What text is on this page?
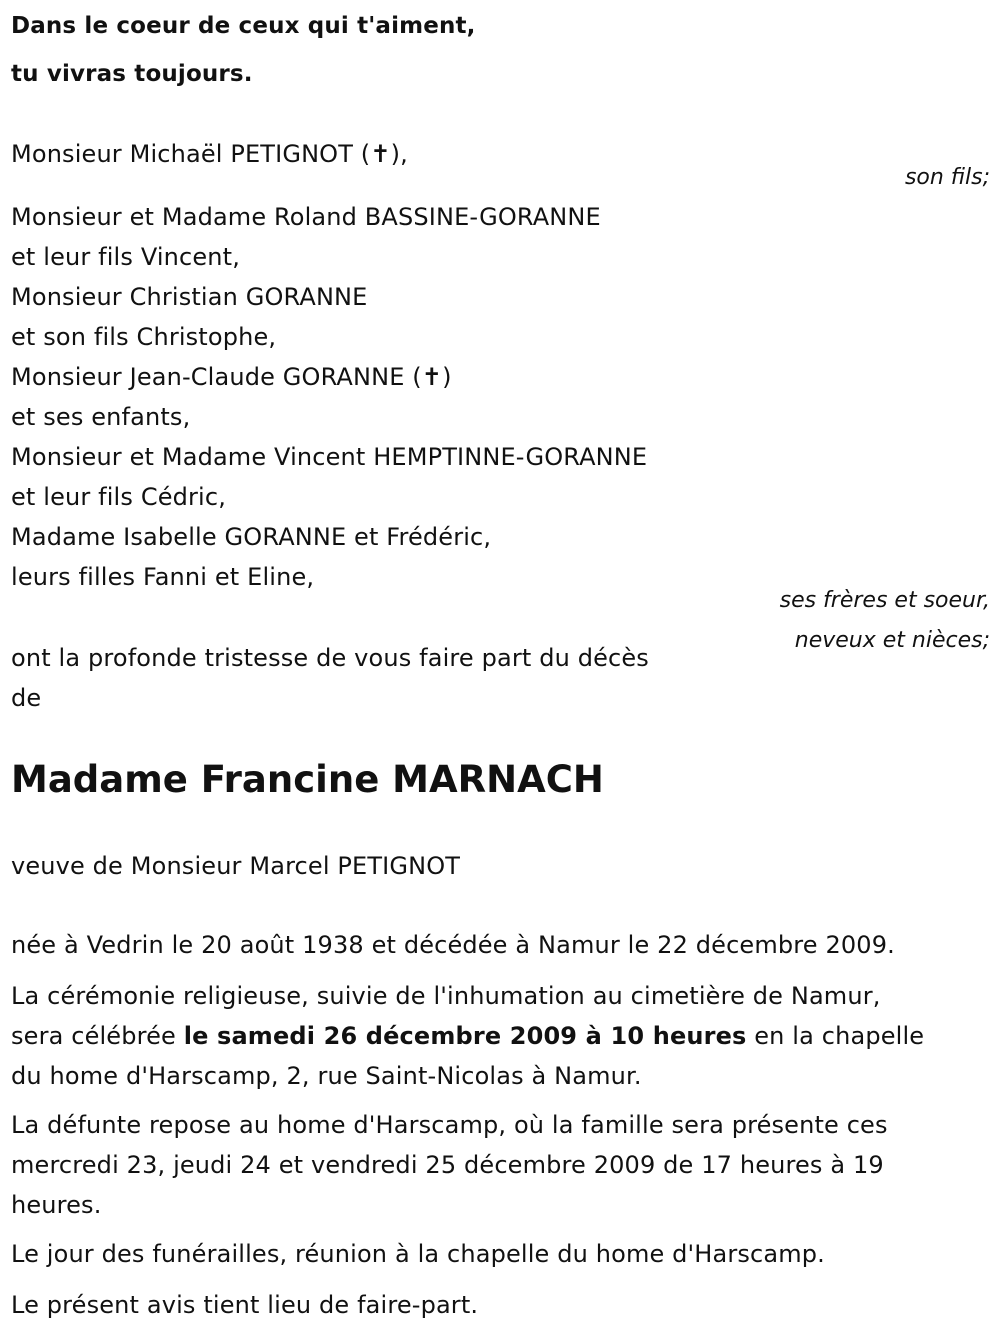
Dans le coeur de ceux qui t'aiment,
tu vivras toujours.
Monsieur Michaël PETIGNOT (✝),
son fils;
Monsieur et Madame Roland BASSINE-GORANNE
et leur fils Vincent,
Monsieur Christian GORANNE
et son fils Christophe,
Monsieur Jean-Claude GORANNE (✝)
et ses enfants,
Monsieur et Madame Vincent HEMPTINNE-GORANNE
et leur fils Cédric,
Madame Isabelle GORANNE et Frédéric,
leurs filles Fanni et Eline,
ses frères et soeur,
neveux et nièces;
ont la profonde tristesse de vous faire part du décès
de
Madame Francine MARNACH
veuve de Monsieur Marcel PETIGNOT
née à Vedrin le 20 août 1938 et décédée à Namur le 22 décembre 2009.
La cérémonie religieuse, suivie de l'inhumation au cimetière de Namur,
sera célébrée le samedi 26 décembre 2009 à 10 heures en la chapelle
du home d'Harscamp, 2, rue Saint-Nicolas à Namur.
La défunte repose au home d'Harscamp, où la famille sera présente ces
mercredi 23, jeudi 24 et vendredi 25 décembre 2009 de 17 heures à 19
heures.
Le jour des funérailles, réunion à la chapelle du home d'Harscamp.
Le présent avis tient lieu de faire-part.
